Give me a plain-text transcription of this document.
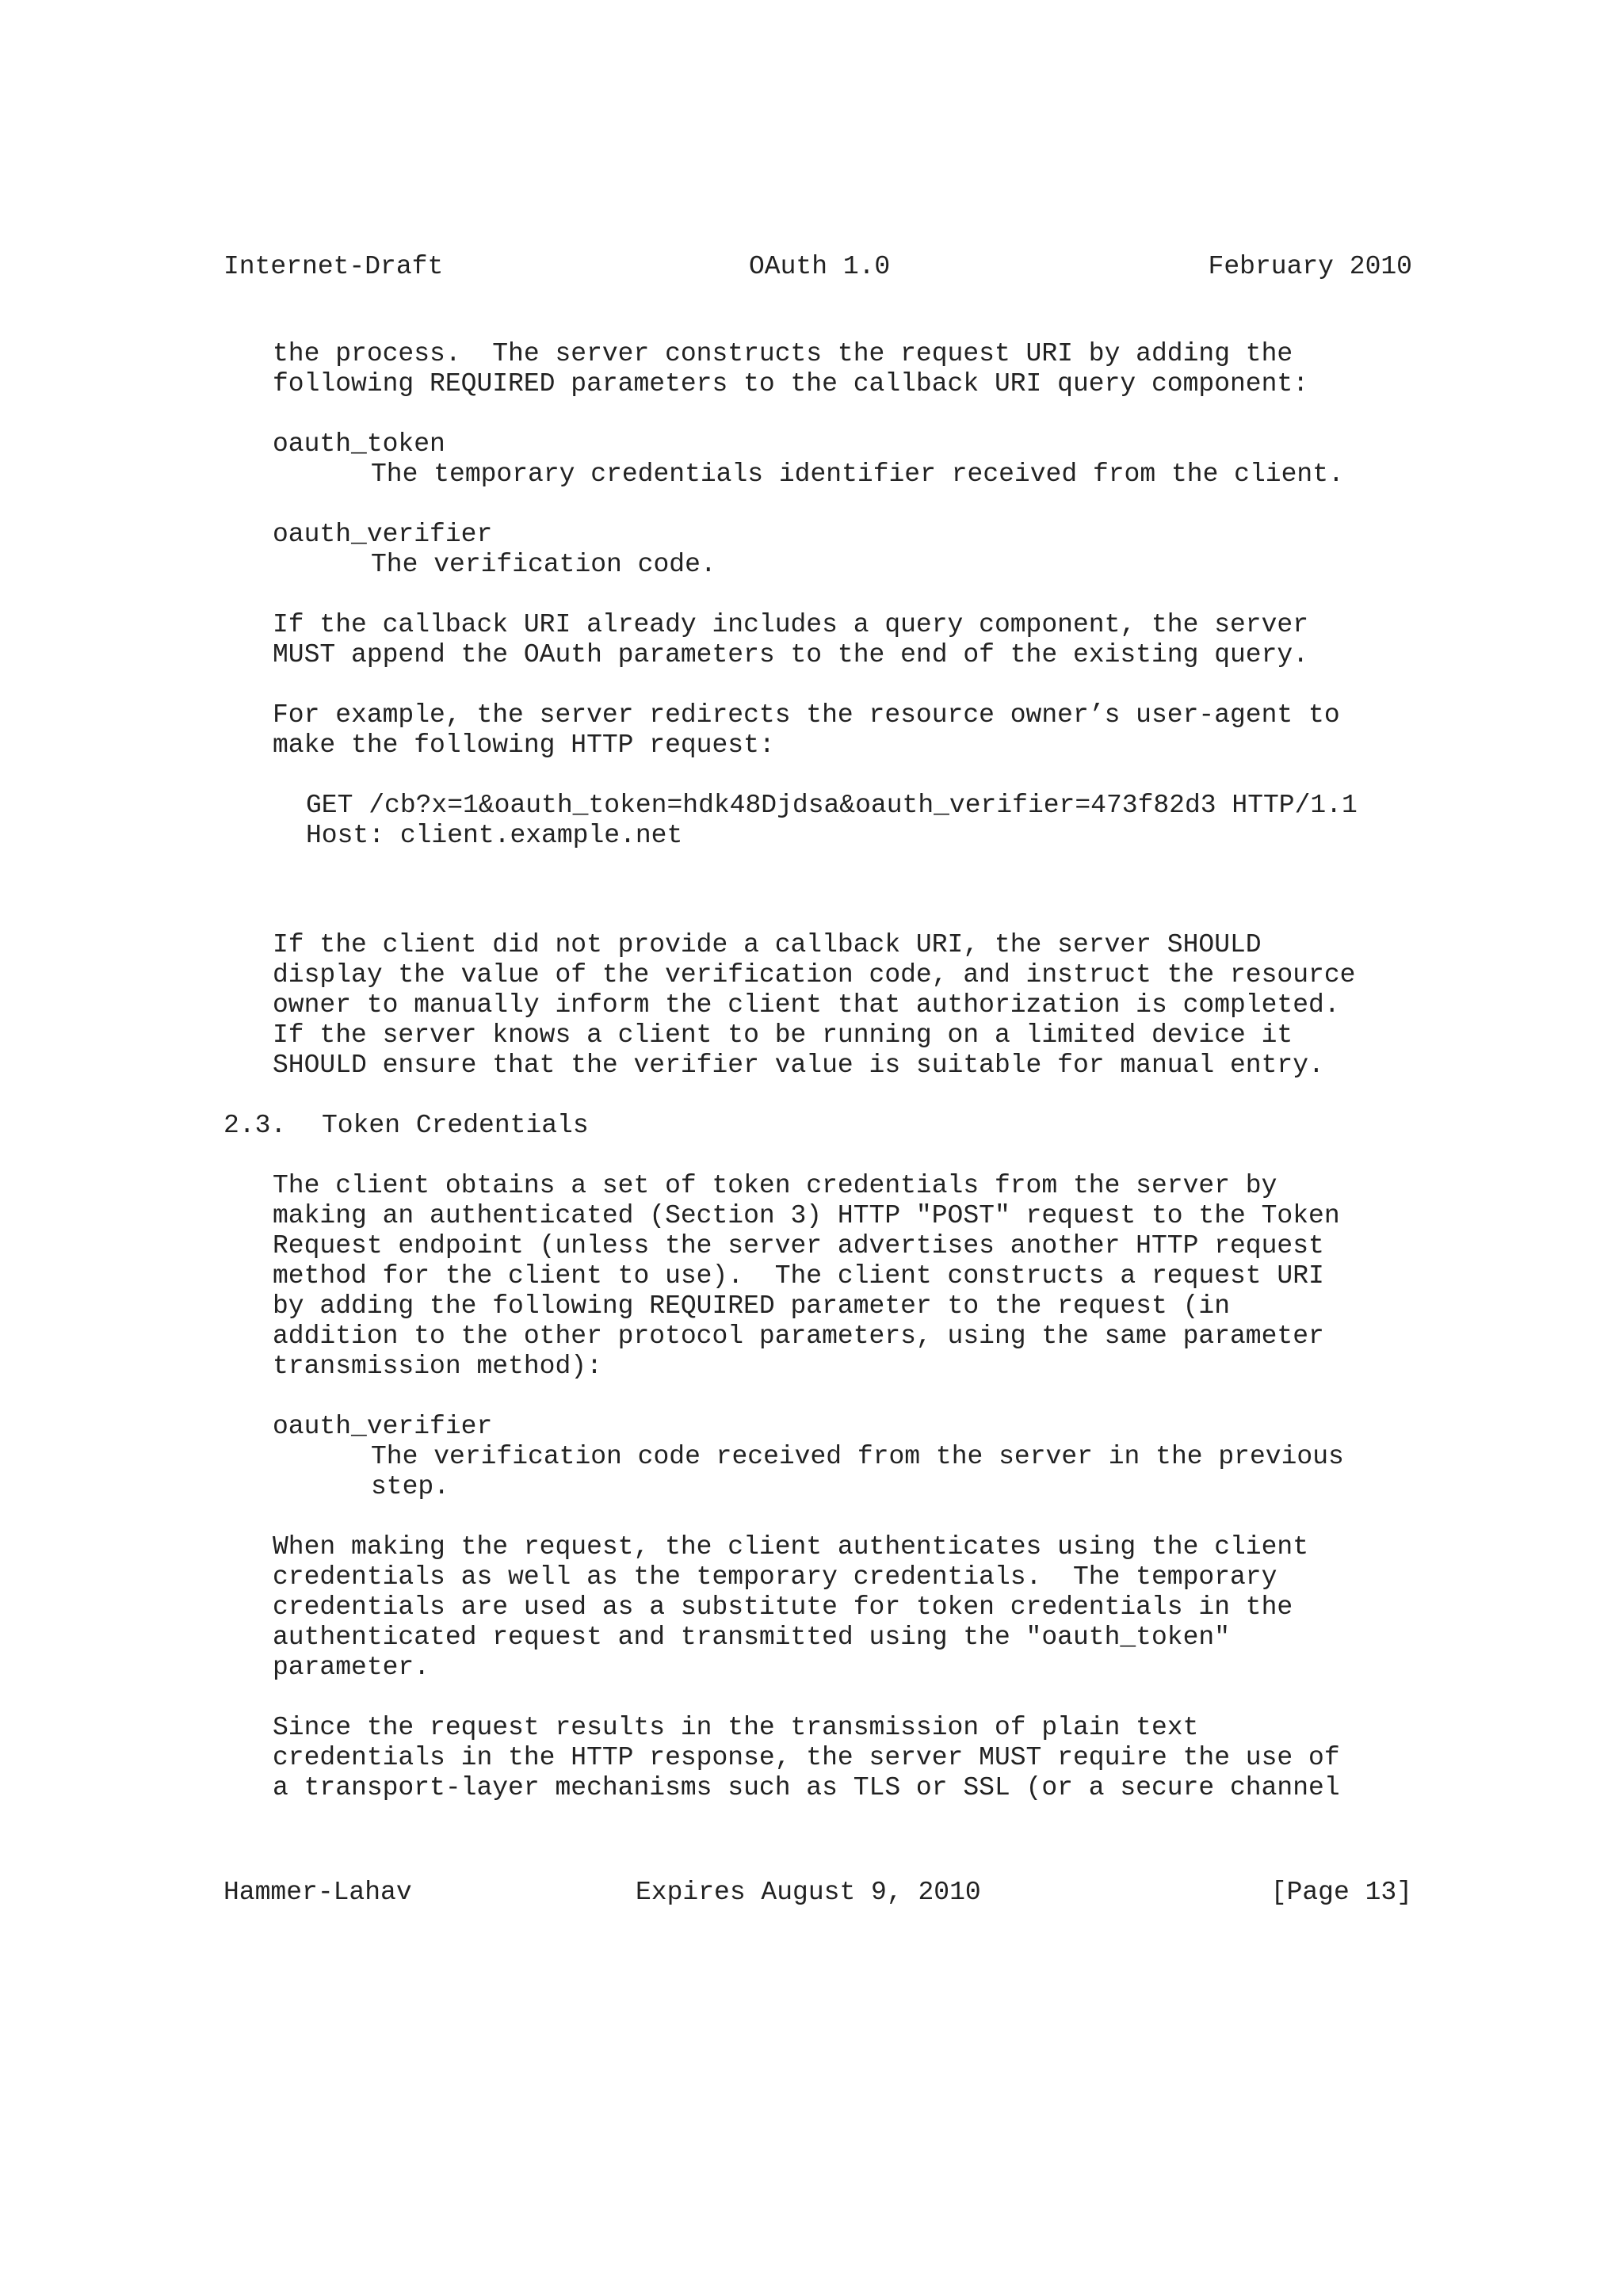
Internet-Draft	OAuth 1.0	February 2010
the process.  The server constructs the request URI by adding the
following REQUIRED parameters to the callback URI query component:
oauth_token
The temporary credentials identifier received from the client.
oauth_verifier
The verification code.
If the callback URI already includes a query component, the server
MUST append the OAuth parameters to the end of the existing query.
For example, the server redirects the resource owner’s user-agent to
make the following HTTP request:
GET /cb?x=1&oauth_token=hdk48Djdsa&oauth_verifier=473f82d3 HTTP/1.1
Host: client.example.net
If the client did not provide a callback URI, the server SHOULD
display the value of the verification code, and instruct the resource
owner to manually inform the client that authorization is completed.
If the server knows a client to be running on a limited device it
SHOULD ensure that the verifier value is suitable for manual entry.
2.3. Token Credentials
The client obtains a set of token credentials from the server by
making an authenticated (Section 3) HTTP "POST" request to the Token
Request endpoint (unless the server advertises another HTTP request
method for the client to use).  The client constructs a request URI
by adding the following REQUIRED parameter to the request (in
addition to the other protocol parameters, using the same parameter
transmission method):
oauth_verifier
The verification code received from the server in the previous
step.
When making the request, the client authenticates using the client
credentials as well as the temporary credentials.  The temporary
credentials are used as a substitute for token credentials in the
authenticated request and transmitted using the "oauth_token"
parameter.
Since the request results in the transmission of plain text
credentials in the HTTP response, the server MUST require the use of
a transport-layer mechanisms such as TLS or SSL (or a secure channel
Hammer-Lahav	Expires August 9, 2010	[Page 13]
